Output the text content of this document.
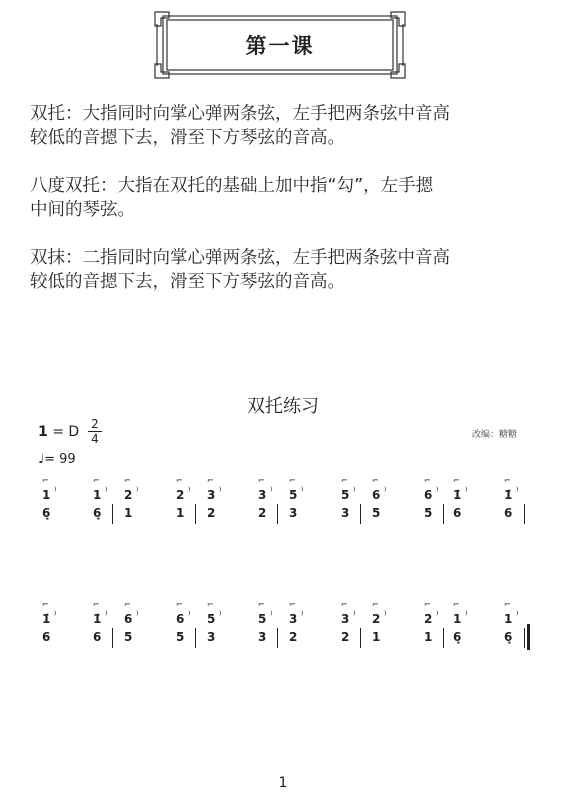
第一课
双托：大指同时向掌心弹两条弦，左手把两条弦中音高
较低的音摁下去，滑至下方琴弦的音高。
八度双托：大指在双托的基础上加中指“勾”，左手摁
中间的琴弦。
双抹：二指同时向掌心弹两条弦，左手把两条弦中音高
较低的音摁下去，滑至下方琴弦的音高。
双托练习
1 = D 2
4
♩= 99
改编：糖糖
⌐
⁾
1
6̣
⌐
⁾
1
6̣
⌐
⁾
2
1
⌐
⁾
2
1
⌐
⁾
3
2
⌐
⁾
3
2
⌐
⁾
5
3
⌐
⁾
5
3
⌐
⁾
6
5
⌐
⁾
6
5
⌐
⁾
1̇
6
⌐
⁾
1̇
6
⌐
⁾
1̇
6
⌐
⁾
1̇
6
⌐
⁾
6
5
⌐
⁾
6
5
⌐
⁾
5
3
⌐
⁾
5
3
⌐
⁾
3
2
⌐
⁾
3
2
⌐
⁾
2
1
⌐
⁾
2
1
⌐
⁾
1
6̣
⌐
⁾
1
6̣
1
